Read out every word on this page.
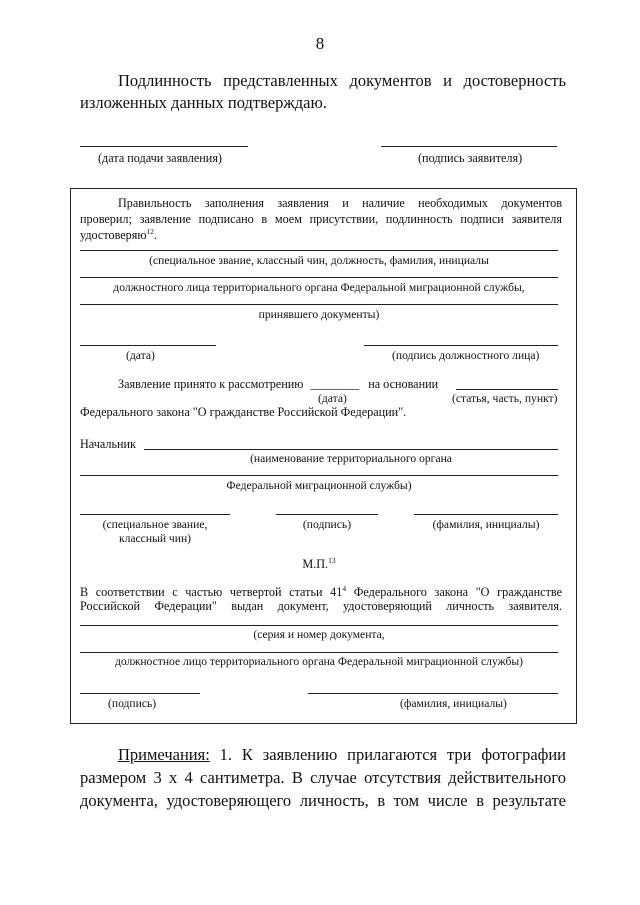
8
Подлинность представленных документов и достоверность
изложенных данных подтверждаю.
(дата подачи заявления)	(подпись заявителя)
Правильность заполнения заявления и наличие необходимых документов
проверил; заявление подписано в моем присутствии, подлинность подписи заявителя
удостоверяю$^{12}$.
(специальное звание, классный чин, должность, фамилия, инициалы
должностного лица территориального органа Федеральной миграционной службы,
принявшего документы)
(дата)	(подпись должностного лица)
Заявление принято к рассмотрению ________ на основании
(дата)	(статья, часть, пункт)
Федерального закона "О гражданстве Российской Федерации".
Начальник
(наименование территориального органа
Федеральной миграционной службы)
(специальное звание,
классный чин)
(подпись)	(фамилия, инициалы)
М.П.$^{13}$
В соответствии с частью четвертой статьи $41^4$ Федерального закона "О гражданстве
Российской Федерации" выдан документ, удостоверяющий личность заявителя.
(серия и номер документа,
должностное лицо территориального органа Федеральной миграционной службы)
(подпись)	(фамилия, инициалы)
Примечания: 1. К заявлению прилагаются три фотографии
размером 3 х 4 сантиметра. В случае отсутствия действительного
документа, удостоверяющего личность, в том числе в результате
